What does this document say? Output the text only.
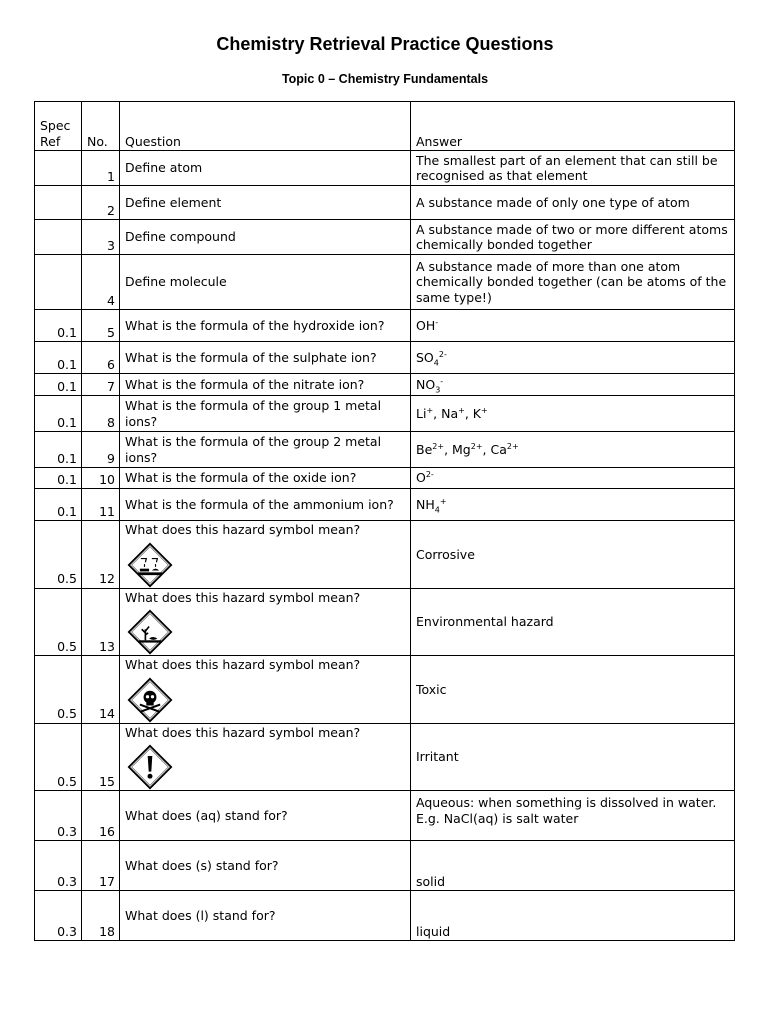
Chemistry Retrieval Practice Questions
Topic 0 – Chemistry Fundamentals
Spec Ref	No.	Question	Answer
	1	Define atom	The smallest part of an element that can still be recognised as that element
	2	Define element	A substance made of only one type of atom
	3	Define compound	A substance made of two or more different atoms chemically bonded together
	4	Define molecule	A substance made of more than one atom chemically bonded together (can be atoms of the same type!)
0.1	5	What is the formula of the hydroxide ion?	OH-
0.1	6	What is the formula of the sulphate ion?	$SO_4^{2-}$
0.1	7	What is the formula of the nitrate ion?	$NO_3^-$
0.1	8	What is the formula of the group 1 metal ions?	Li+, Na+, K+
0.1	9	What is the formula of the group 2 metal ions?	$Be^{2+}$, $Mg^{2+}$, $Ca^{2+}$
0.1	10	What is the formula of the oxide ion?	$O^{2-}$
0.1	11	What is the formula of the ammonium ion?	$NH_4^+$
0.5	12	What does this hazard symbol mean?	Corrosive
0.5	13	What does this hazard symbol mean?	Environmental hazard
0.5	14	What does this hazard symbol mean?	Toxic
0.5	15	What does this hazard symbol mean?	Irritant
0.3	16	What does (aq) stand for?	Aqueous: when something is dissolved in water. E.g. NaCl(aq) is salt water
0.3	17	What does (s) stand for?	solid
0.3	18	What does (l) stand for?	liquid
